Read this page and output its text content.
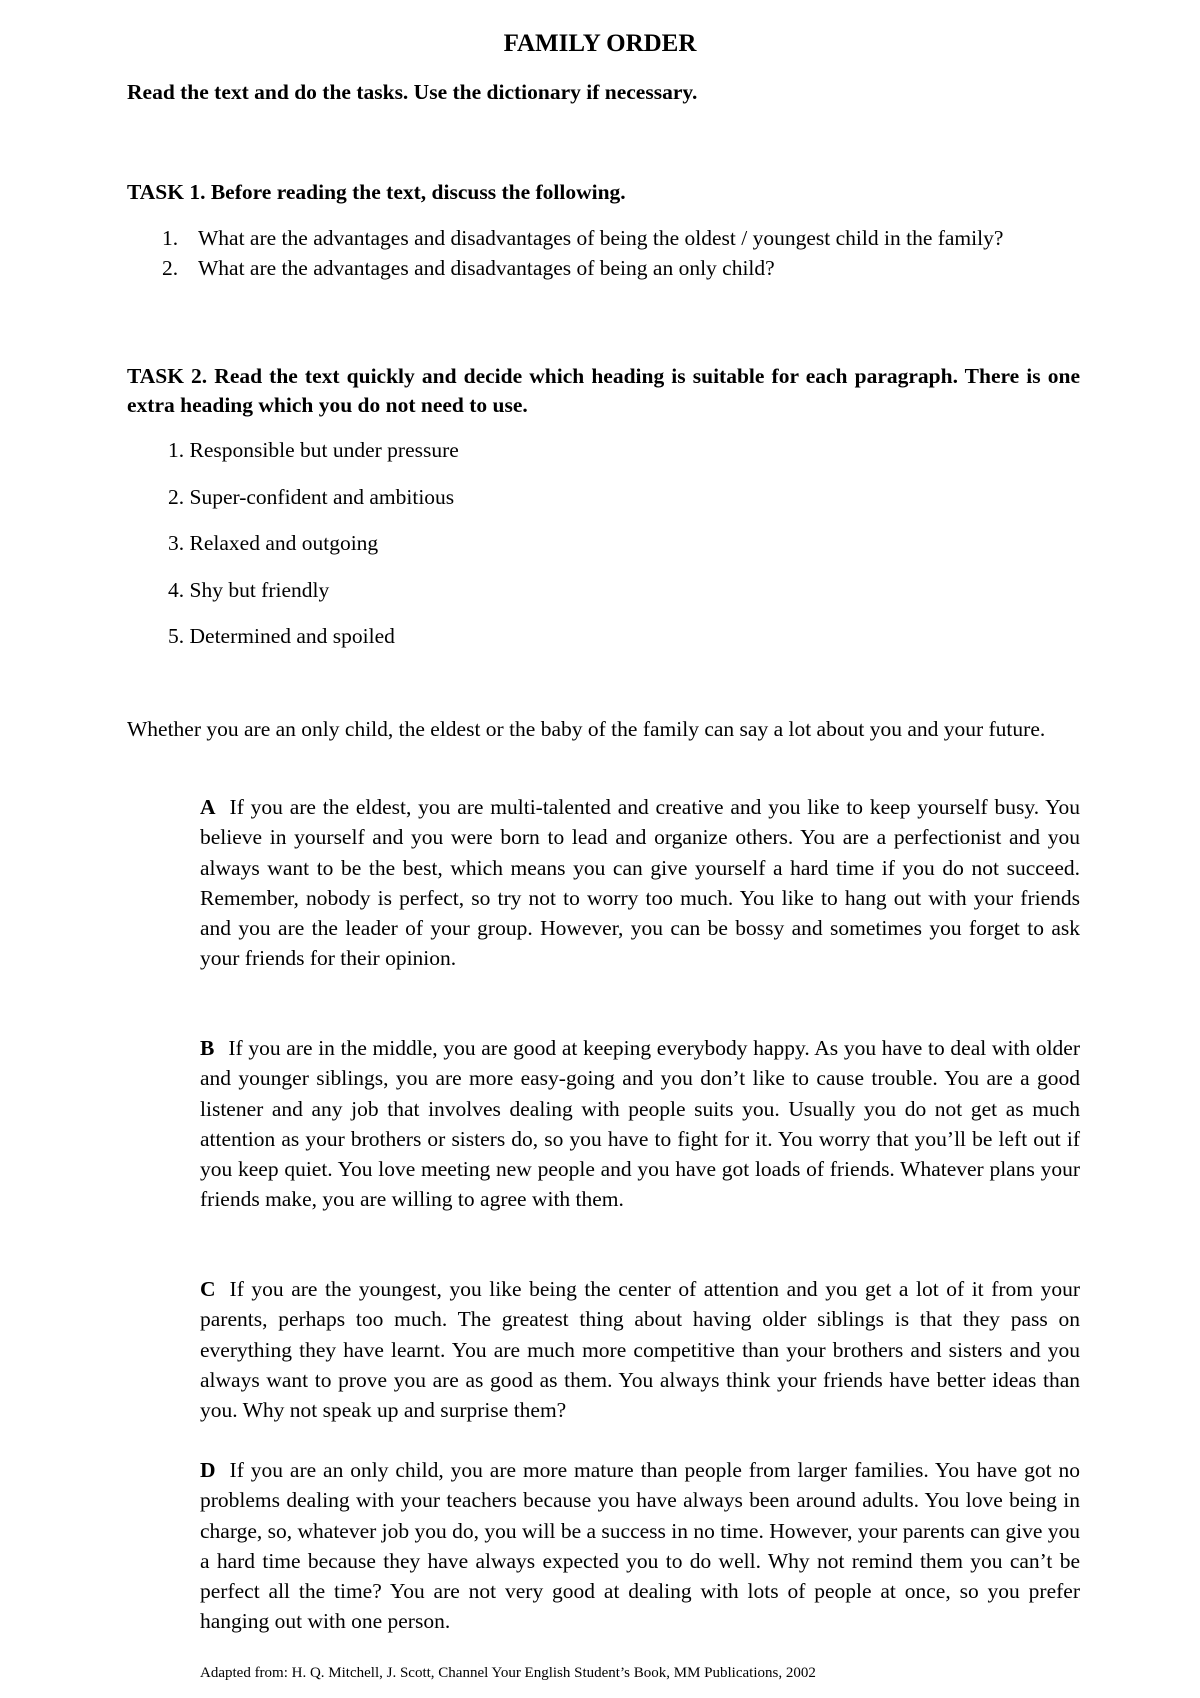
FAMILY ORDER
Read the text and do the tasks. Use the dictionary if necessary.
TASK 1. Before reading the text, discuss the following.
1. What are the advantages and disadvantages of being the oldest / youngest child in the family?
2. What are the advantages and disadvantages of being an only child?
TASK 2. Read the text quickly and decide which heading is suitable for each paragraph. There is one extra heading which you do not need to use.
1. Responsible but under pressure
2. Super-confident and ambitious
3. Relaxed and outgoing
4. Shy but friendly
5. Determined and spoiled
Whether you are an only child, the eldest or the baby of the family can say a lot about you and your future.
A If you are the eldest, you are multi-talented and creative and you like to keep yourself busy. You believe in yourself and you were born to lead and organize others. You are a perfectionist and you always want to be the best, which means you can give yourself a hard time if you do not succeed. Remember, nobody is perfect, so try not to worry too much. You like to hang out with your friends and you are the leader of your group. However, you can be bossy and sometimes you forget to ask your friends for their opinion.
B If you are in the middle, you are good at keeping everybody happy. As you have to deal with older and younger siblings, you are more easy-going and you don’t like to cause trouble. You are a good listener and any job that involves dealing with people suits you. Usually you do not get as much attention as your brothers or sisters do, so you have to fight for it. You worry that you’ll be left out if you keep quiet. You love meeting new people and you have got loads of friends. Whatever plans your friends make, you are willing to agree with them.
C If you are the youngest, you like being the center of attention and you get a lot of it from your parents, perhaps too much. The greatest thing about having older siblings is that they pass on everything they have learnt. You are much more competitive than your brothers and sisters and you always want to prove you are as good as them. You always think your friends have better ideas than you. Why not speak up and surprise them?
D If you are an only child, you are more mature than people from larger families. You have got no problems dealing with your teachers because you have always been around adults. You love being in charge, so, whatever job you do, you will be a success in no time. However, your parents can give you a hard time because they have always expected you to do well. Why not remind them you can’t be perfect all the time? You are not very good at dealing with lots of people at once, so you prefer hanging out with one person.
Adapted from: H. Q. Mitchell, J. Scott, Channel Your English Student’s Book, MM Publications, 2002
